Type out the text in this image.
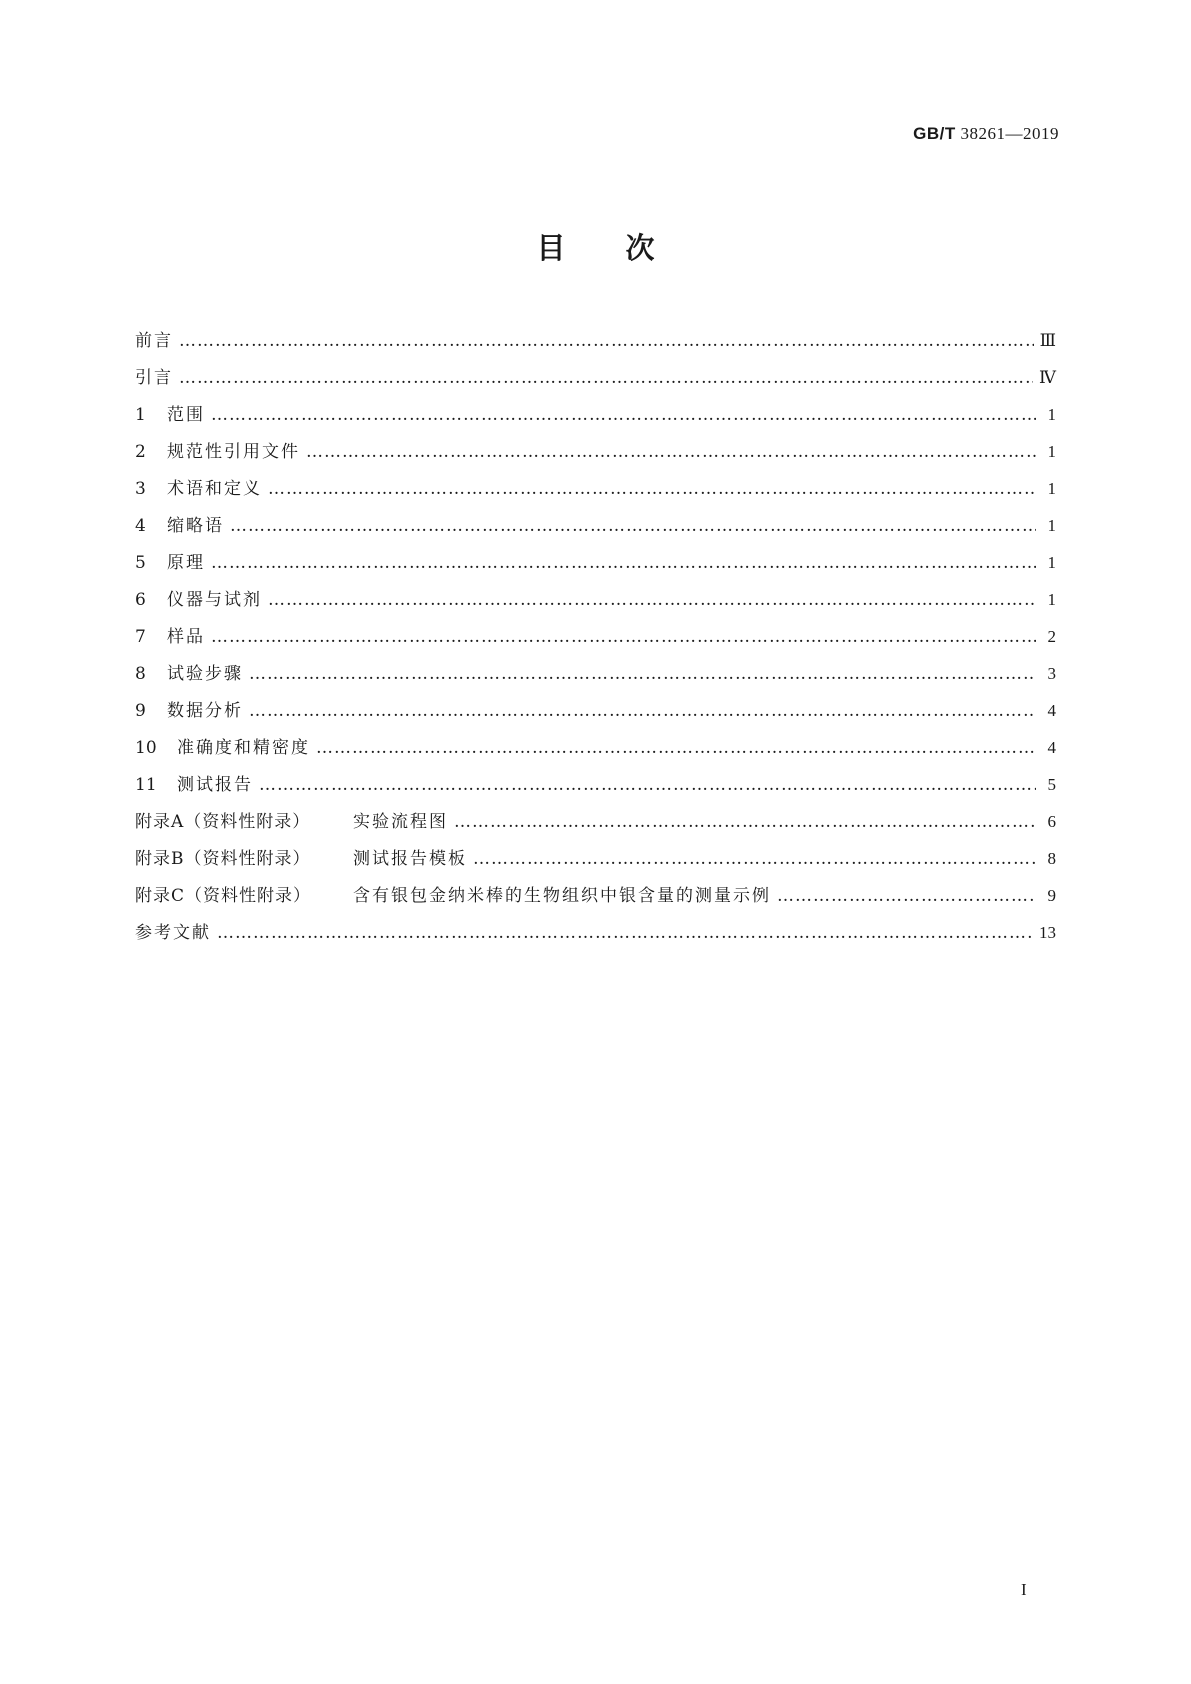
GB/T 38261—2019
目次
前言 ……………………………………………………………………………………………………………………………………………………………………………………………………………………	Ⅲ
引言 ……………………………………………………………………………………………………………………………………………………………………………………………………………………	Ⅳ
1	范围 ……………………………………………………………………………………………………………………………………………………………………………………………………………………	1
2	规范性引用文件 ……………………………………………………………………………………………………………………………………………………………………………………………………………………	1
3	术语和定义 ……………………………………………………………………………………………………………………………………………………………………………………………………………………	1
4	缩略语 ……………………………………………………………………………………………………………………………………………………………………………………………………………………	1
5	原理 ……………………………………………………………………………………………………………………………………………………………………………………………………………………	1
6	仪器与试剂 ……………………………………………………………………………………………………………………………………………………………………………………………………………………	1
7	样品 ……………………………………………………………………………………………………………………………………………………………………………………………………………………	2
8	试验步骤 ……………………………………………………………………………………………………………………………………………………………………………………………………………………	3
9	数据分析 ……………………………………………………………………………………………………………………………………………………………………………………………………………………	4
10	准确度和精密度 ……………………………………………………………………………………………………………………………………………………………………………………………………………………	4
11	测试报告 ……………………………………………………………………………………………………………………………………………………………………………………………………………………	5
附录A（资料性附录）	实验流程图 ……………………………………………………………………………………………………………………………………………………………………………………………………………………	6
附录B（资料性附录）	测试报告模板 ……………………………………………………………………………………………………………………………………………………………………………………………………………………	8
附录C（资料性附录）	含有银包金纳米棒的生物组织中银含量的测量示例 ……………………………………………………………………………………………………………………………………………………………………………………………………………………	9
参考文献 ……………………………………………………………………………………………………………………………………………………………………………………………………………………	13
I
